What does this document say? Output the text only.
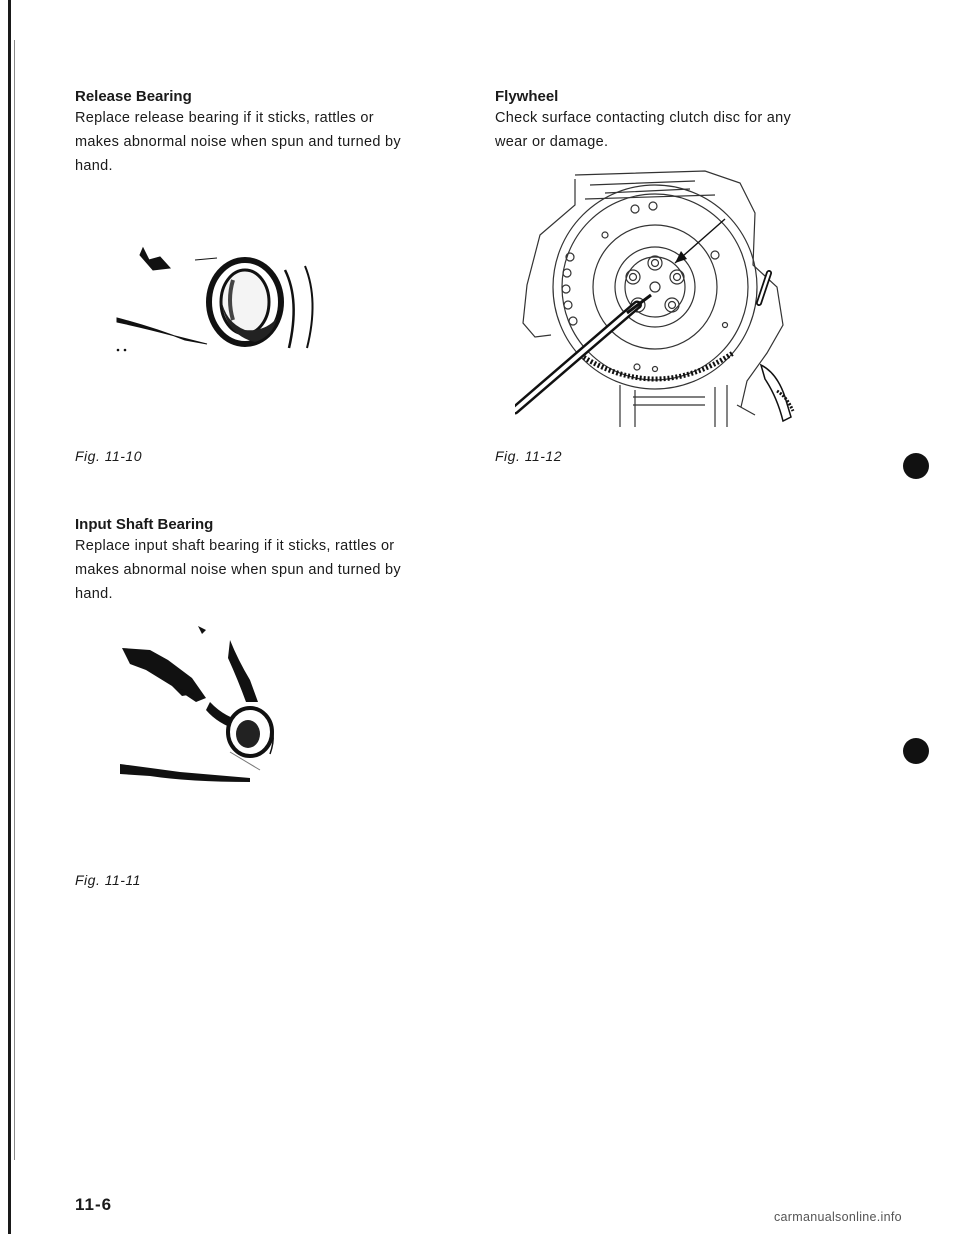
Release Bearing

Replace release bearing if it sticks, rattles or

makes abnormal noise when spun and turned by

hand.

Fig. 11-10

Input Shaft Bearing

Replace input shaft bearing if it sticks, rattles or

makes abnormal noise when spun and turned by

hand.

Fig. 11-11

Flywheel

Check surface contacting clutch disc for any

wear or damage.

Fig. 11-12

11-6
carmanualsonline.info
